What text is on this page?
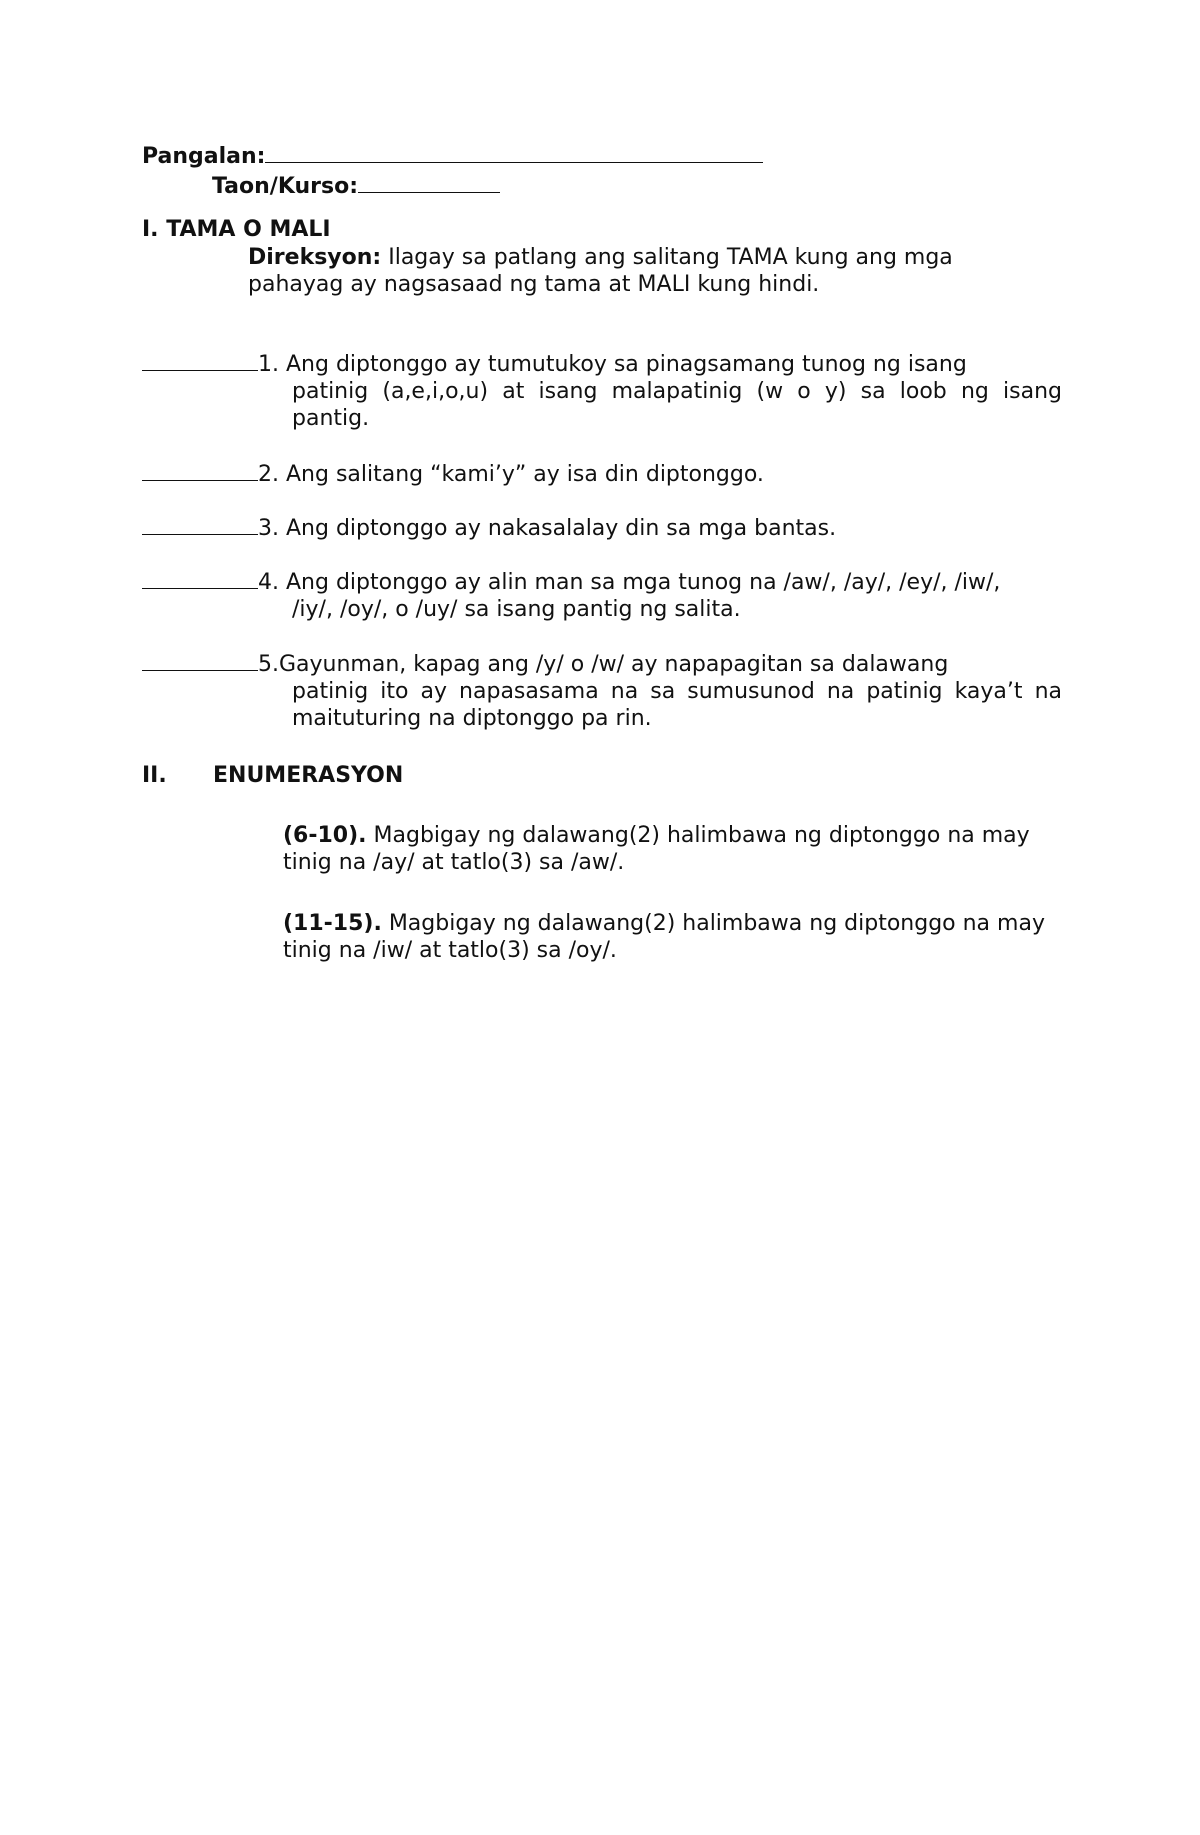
Pangalan:
Taon/Kurso:
I. TAMA O MALI
Direksyon: Ilagay sa patlang ang salitang TAMA kung ang mga pahayag ay nagsasaad ng tama at MALI kung hindi.
1. Ang diptonggo ay tumutukoy sa pinagsamang tunog ng isang
patinig (a,e,i,o,u) at isang malapatinig (w o y) sa loob ng isang pantig.
2. Ang salitang “kami’y” ay isa din diptonggo.
3. Ang diptonggo ay nakasalalay din sa mga bantas.
4. Ang diptonggo ay alin man sa mga tunog na /aw/, /ay/, /ey/, /iw/,
/iy/, /oy/, o /uy/ sa isang pantig ng salita.
5.Gayunman, kapag ang /y/ o /w/ ay napapagitan sa dalawang
patinig ito ay napasasama na sa sumusunod na patinig kaya’t na maituturing na diptonggo pa rin.
II. ENUMERASYON
(6-10). Magbigay ng dalawang(2) halimbawa ng diptonggo na may tinig na /ay/ at tatlo(3) sa /aw/.
(11-15). Magbigay ng dalawang(2) halimbawa ng diptonggo na may tinig na /iw/ at tatlo(3) sa /oy/.
